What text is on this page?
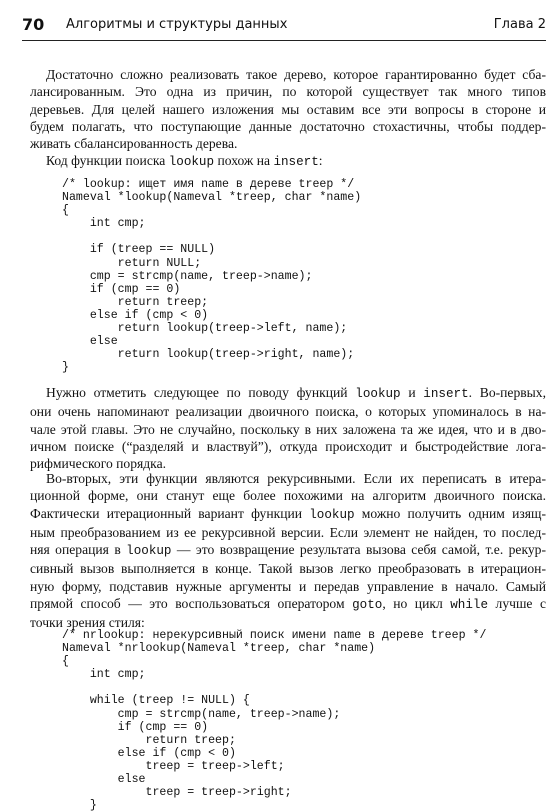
70 Алгоритмы и структуры данных	Глава 2
Достаточно сложно реализовать такое дерево, которое гарантированно будет сба-
лансированным. Это одна из причин, по которой существует так много типов
деревьев. Для целей нашего изложения мы оставим все эти вопросы в стороне и
будем полагать, что поступающие данные достаточно стохастичны, чтобы поддер-
живать сбалансированность дерева.
Код функции поиска lookup похож на insert:
/* lookup: ищет имя name в дереве treep */
Nameval *lookup(Nameval *treep, char *name)
{
int cmp;

if (treep == NULL)
return NULL;
cmp = strcmp(name, treep->name);
if (cmp == 0)
return treep;
else if (cmp < 0)
return lookup(treep->left, name);
else
return lookup(treep->right, name);
}
Нужно отметить следующее по поводу функций lookup и insert. Во-первых,
они очень напоминают реализации двоичного поиска, о которых упоминалось в на-
чале этой главы. Это не случайно, поскольку в них заложена та же идея, что и в дво-
ичном поиске (“разделяй и властвуй”), откуда происходит и быстродействие лога-
рифмического порядка.
Во-вторых, эти функции являются рекурсивными. Если их переписать в итера-
ционной форме, они станут еще более похожими на алгоритм двоичного поиска.
Фактически итерационный вариант функции lookup можно получить одним изящ-
ным преобразованием из ее рекурсивной версии. Если элемент не найден, то послед-
няя операция в lookup — это возвращение результата вызова себя самой, т.е. рекур-
сивный вызов выполняется в конце. Такой вызов легко преобразовать в итерацион-
ную форму, подставив нужные аргументы и передав управление в начало. Самый
прямой способ — это воспользоваться оператором goto, но цикл while лучше с
точки зрения стиля:
/* nrlookup: нерекурсивный поиск имени name в дереве treep */
Nameval *nrlookup(Nameval *treep, char *name)
{
int cmp;

while (treep != NULL) {
cmp = strcmp(name, treep->name);
if (cmp == 0)
return treep;
else if (cmp < 0)
treep = treep->left;
else
treep = treep->right;
}
